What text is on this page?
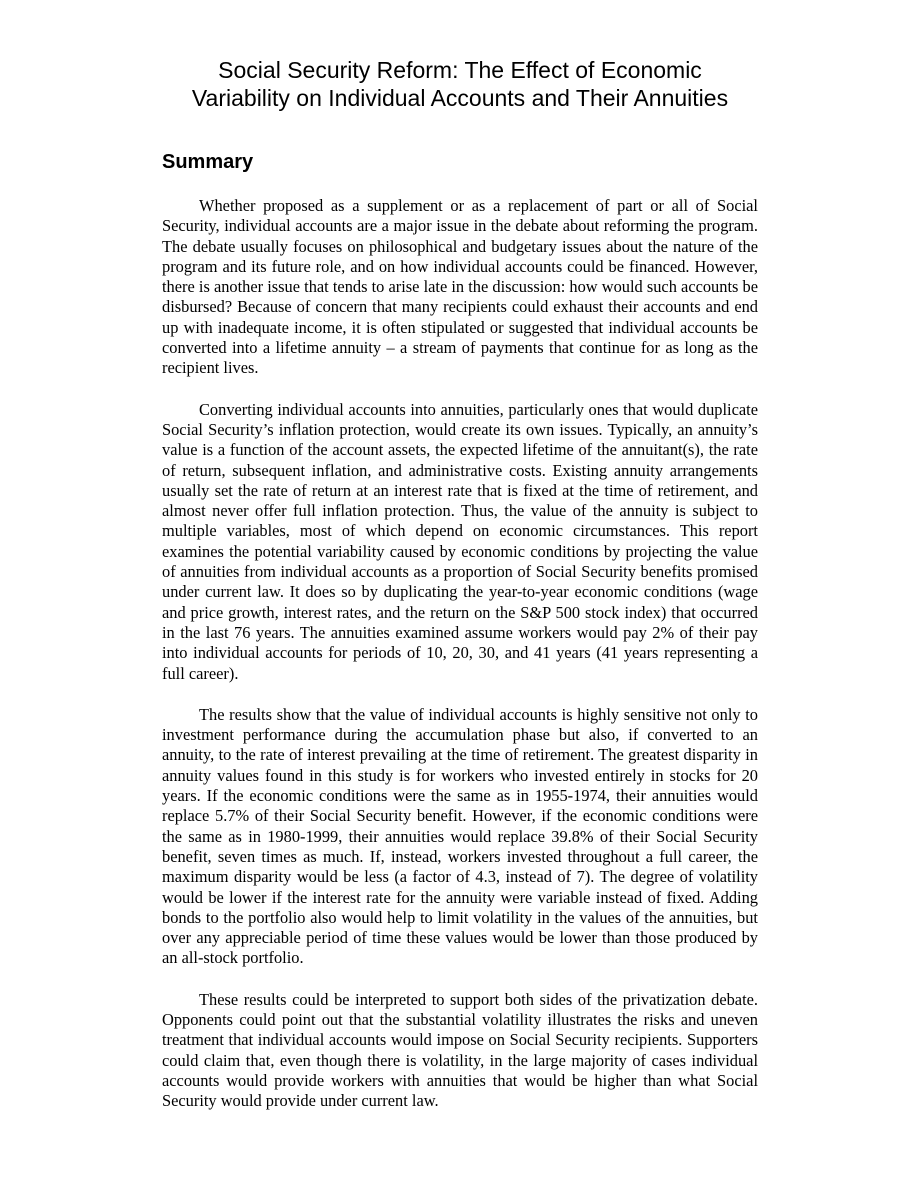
Social Security Reform: The Effect of Economic
Variability on Individual Accounts and Their Annuities
Summary

Whether proposed as a supplement or as a replacement of part or all of Social Security, individual accounts are a major issue in the debate about reforming the program. The debate usually focuses on philosophical and budgetary issues about the nature of the program and its future role, and on how individual accounts could be financed. However, there is another issue that tends to arise late in the discussion: how would such accounts be disbursed? Because of concern that many recipients could exhaust their accounts and end up with inadequate income, it is often stipulated or suggested that individual accounts be converted into a lifetime annuity – a stream of payments that continue for as long as the recipient lives.

Converting individual accounts into annuities, particularly ones that would duplicate Social Security’s inflation protection, would create its own issues. Typically, an annuity’s value is a function of the account assets, the expected lifetime of the annuitant(s), the rate of return, subsequent inflation, and administrative costs. Existing annuity arrangements usually set the rate of return at an interest rate that is fixed at the time of retirement, and almost never offer full inflation protection. Thus, the value of the annuity is subject to multiple variables, most of which depend on economic circumstances. This report examines the potential variability caused by economic conditions by projecting the value of annuities from individual accounts as a proportion of Social Security benefits promised under current law. It does so by duplicating the year-to-year economic conditions (wage and price growth, interest rates, and the return on the S&P 500 stock index) that occurred in the last 76 years. The annuities examined assume workers would pay 2% of their pay into individual accounts for periods of 10, 20, 30, and 41 years (41 years representing a full career).

The results show that the value of individual accounts is highly sensitive not only to investment performance during the accumulation phase but also, if converted to an annuity, to the rate of interest prevailing at the time of retirement. The greatest disparity in annuity values found in this study is for workers who invested entirely in stocks for 20 years. If the economic conditions were the same as in 1955-1974, their annuities would replace 5.7% of their Social Security benefit. However, if the economic conditions were the same as in 1980-1999, their annuities would replace 39.8% of their Social Security benefit, seven times as much. If, instead, workers invested throughout a full career, the maximum disparity would be less (a factor of 4.3, instead of 7). The degree of volatility would be lower if the interest rate for the annuity were variable instead of fixed. Adding bonds to the portfolio also would help to limit volatility in the values of the annuities, but over any appreciable period of time these values would be lower than those produced by an all-stock portfolio.

These results could be interpreted to support both sides of the privatization debate. Opponents could point out that the substantial volatility illustrates the risks and uneven treatment that individual accounts would impose on Social Security recipients. Supporters could claim that, even though there is volatility, in the large majority of cases individual accounts would provide workers with annuities that would be higher than what Social Security would provide under current law.
